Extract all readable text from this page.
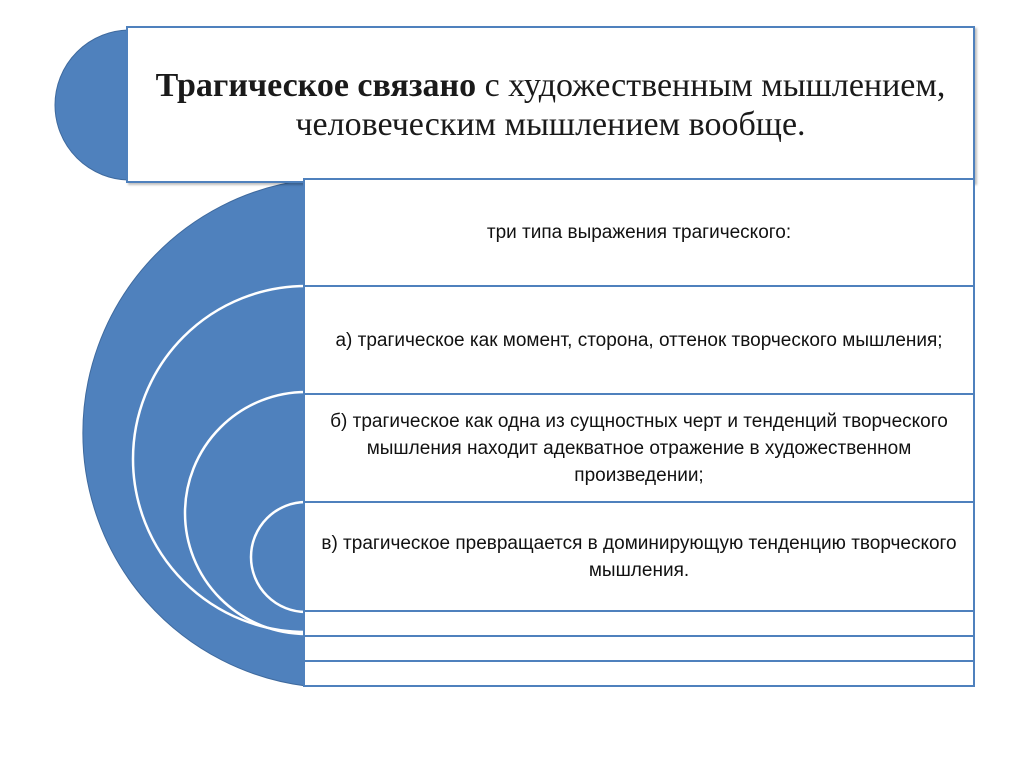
Трагическое связано с художественным мышлением, человеческим мышлением вообще.
три типа выражения трагического:
а) трагическое как момент, сторона, оттенок творческого мышления;
б) трагическое как одна из сущностных черт и тенденций творческого мышления находит адекватное отражение в художественном произведении;
в) трагическое превращается в доминирующую тенденцию творческого мышления.
